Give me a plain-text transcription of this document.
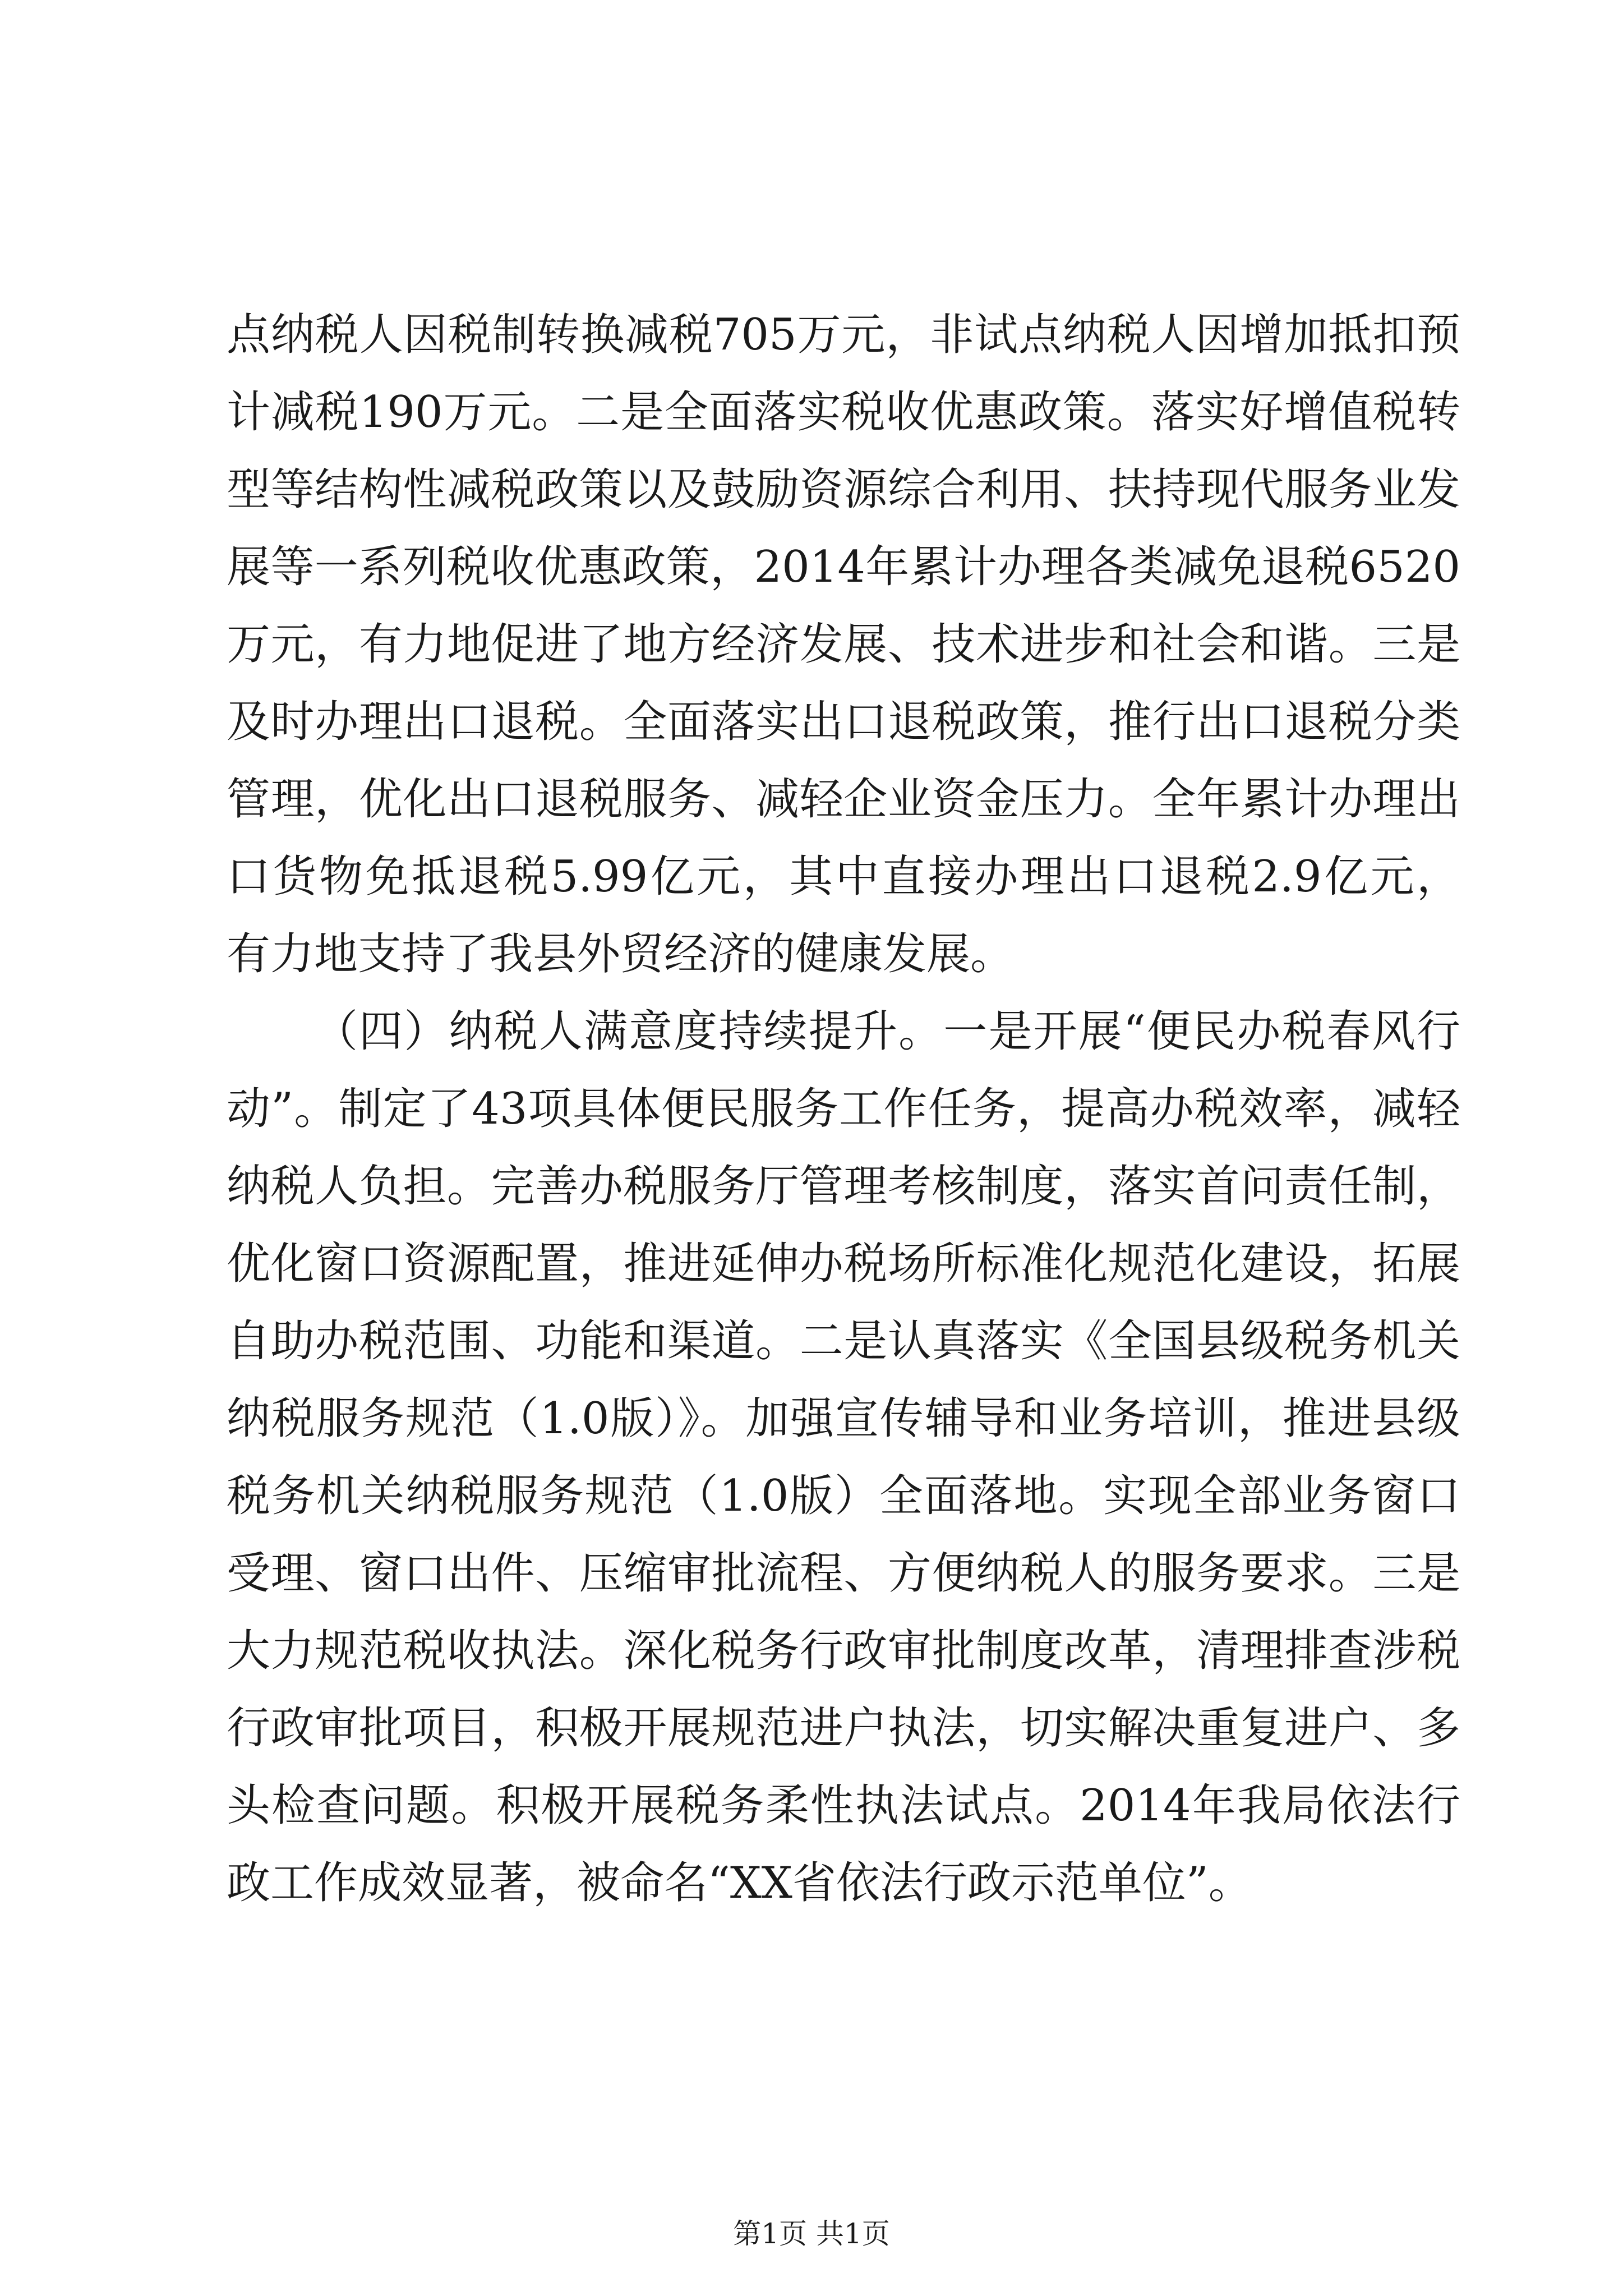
点纳税人因税制转换减税705万元，非试点纳税人因增加抵扣预

计减税190万元。二是全面落实税收优惠政策。落实好增值税转

型等结构性减税政策以及鼓励资源综合利用、扶持现代服务业发

展等一系列税收优惠政策，2014年累计办理各类减免退税6520

万元，有力地促进了地方经济发展、技术进步和社会和谐。三是

及时办理出口退税。全面落实出口退税政策，推行出口退税分类

管理，优化出口退税服务、减轻企业资金压力。全年累计办理出

口货物免抵退税5.99亿元，其中直接办理出口退税2.9亿元，

有力地支持了我县外贸经济的健康发展。

（四）纳税人满意度持续提升。一是开展“便民办税春风行

动”。制定了43项具体便民服务工作任务，提高办税效率，减轻

纳税人负担。完善办税服务厅管理考核制度，落实首问责任制，

优化窗口资源配置，推进延伸办税场所标准化规范化建设，拓展

自助办税范围、功能和渠道。二是认真落实《全国县级税务机关

纳税服务规范（1.0版）》。加强宣传辅导和业务培训，推进县级

税务机关纳税服务规范（1.0版）全面落地。实现全部业务窗口

受理、窗口出件、压缩审批流程、方便纳税人的服务要求。三是

大力规范税收执法。深化税务行政审批制度改革，清理排查涉税

行政审批项目，积极开展规范进户执法，切实解决重复进户、多

头检查问题。积极开展税务柔性执法试点。2014年我局依法行

政工作成效显著，被命名“XX省依法行政示范单位”。

第1页 共1页
